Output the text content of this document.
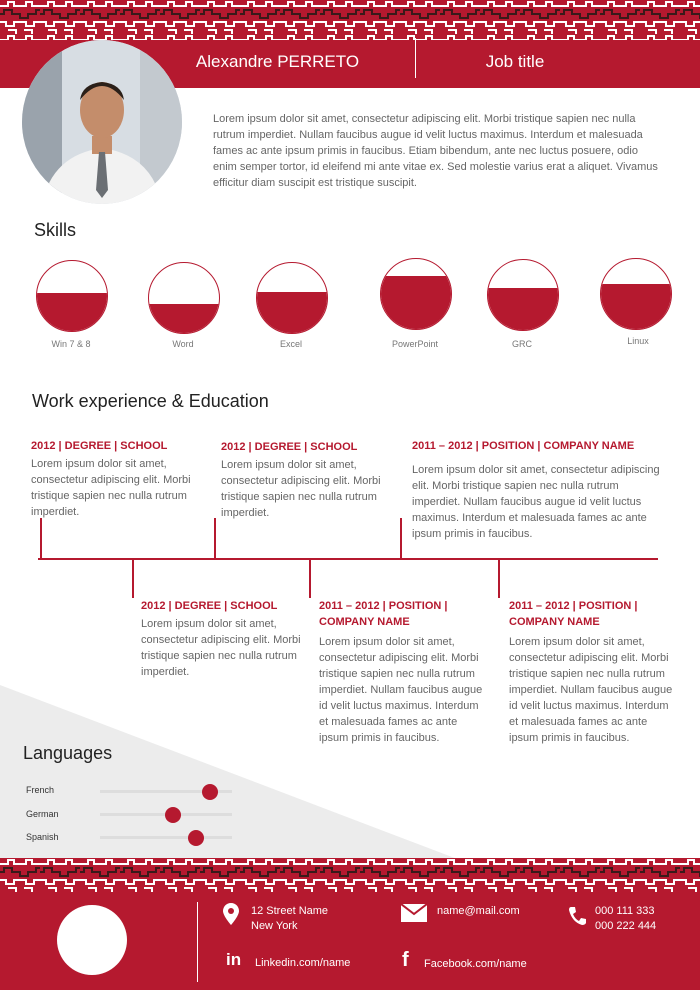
Alexandre PERRETO	Job title
Lorem ipsum dolor sit amet, consectetur adipiscing elit. Morbi tristique sapien nec nulla rutrum imperdiet. Nullam faucibus augue id velit luctus maximus. Interdum et malesuada fames ac ante ipsum primis in faucibus. Etiam bibendum, ante nec luctus posuere, odio enim semper tortor, id eleifend mi ante vitae ex. Sed molestie varius erat a aliquet. Vivamus efficitur diam suscipit est tristique suscipit.
Skills
Win 7 & 8	Word	Excel	PowerPoint	GRC	Linux
Work experience & Education
2012 | DEGREE | SCHOOL
Lorem ipsum dolor sit amet, consectetur adipiscing elit. Morbi tristique sapien nec nulla rutrum imperdiet.
2012 | DEGREE | SCHOOL
Lorem ipsum dolor sit amet, consectetur adipiscing elit. Morbi tristique sapien nec nulla rutrum imperdiet.
2011 – 2012 | POSITION | COMPANY NAME
Lorem ipsum dolor sit amet, consectetur adipiscing elit. Morbi tristique sapien nec nulla rutrum imperdiet. Nullam faucibus augue id velit luctus maximus. Interdum et malesuada fames ac ante ipsum primis in faucibus.
2012 | DEGREE | SCHOOL
Lorem ipsum dolor sit amet, consectetur adipiscing elit. Morbi tristique sapien nec nulla rutrum imperdiet.
2011 – 2012 | POSITION | COMPANY NAME
Lorem ipsum dolor sit amet, consectetur adipiscing elit. Morbi tristique sapien nec nulla rutrum imperdiet. Nullam faucibus augue id velit luctus maximus. Interdum et malesuada fames ac ante ipsum primis in faucibus.
2011 – 2012 | POSITION | COMPANY NAME
Lorem ipsum dolor sit amet, consectetur adipiscing elit. Morbi tristique sapien nec nulla rutrum imperdiet. Nullam faucibus augue id velit luctus maximus. Interdum et malesuada fames ac ante ipsum primis in faucibus.
Languages
French
German
Spanish
12 Street Name
New York
name@mail.com	000 111 333
000 222 444
in Linkedin.com/name	f Facebook.com/name
